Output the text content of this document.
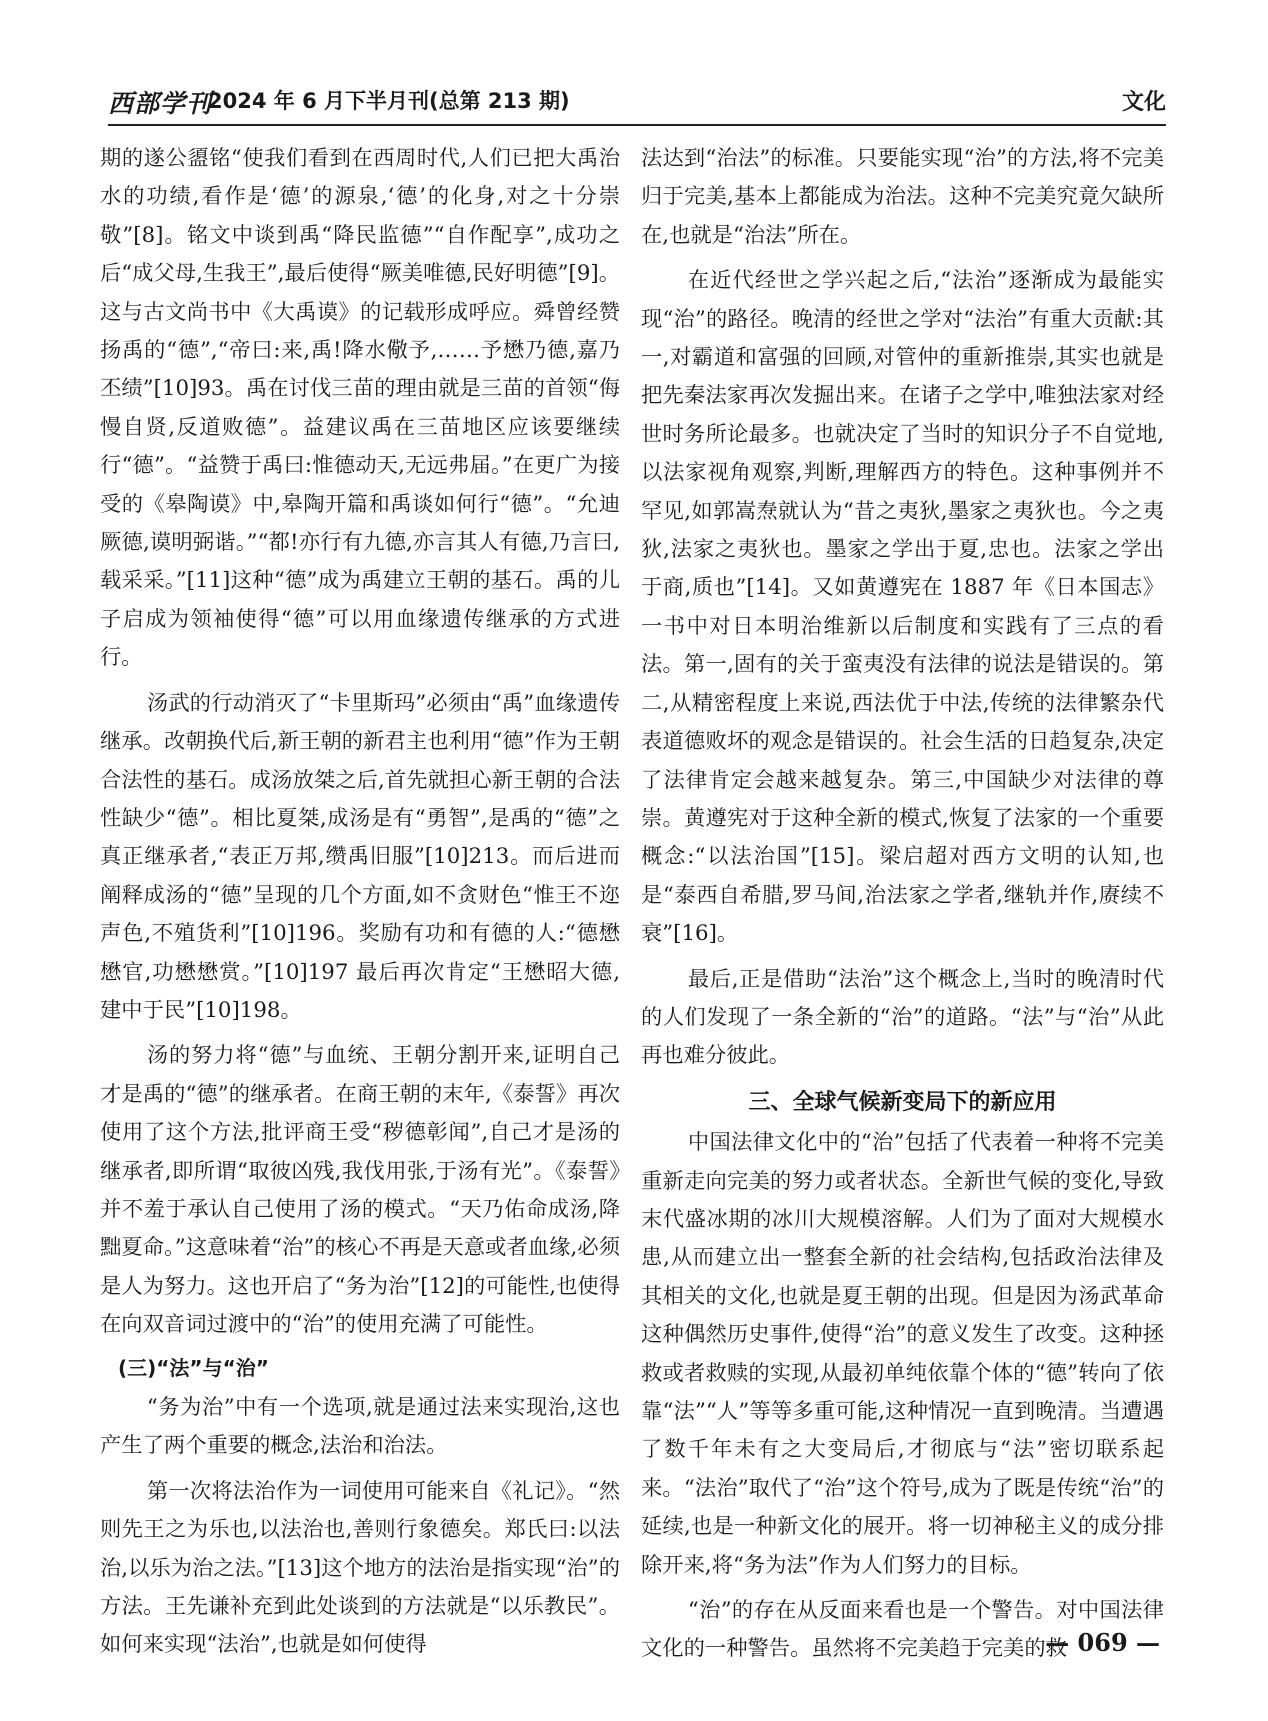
西部学刊
2024 年 6 月下半月刊(总第 213 期)	文化

期的遂公盨铭“使我们看到在西周时代,人们已把大禹治水的功绩,看作是‘德’的源泉,‘德’的化身,对之十分崇敬”[8]。铭文中谈到禹“降民监德”“自作配享”,成功之后“成父母,生我王”,最后使得“厥美唯德,民好明德”[9]。这与古文尚书中《大禹谟》的记载形成呼应。舜曾经赞扬禹的“德”,“帝曰:来,禹!降水儆予,……予懋乃德,嘉乃丕绩”[10]93。禹在讨伐三苗的理由就是三苗的首领“侮慢自贤,反道败德”。益建议禹在三苗地区应该要继续行“德”。“益赞于禹曰:惟德动天,无远弗届。”在更广为接受的《皋陶谟》中,皋陶开篇和禹谈如何行“德”。“允迪厥德,谟明弼谐。”“都!亦行有九德,亦言其人有德,乃言曰,载采采。”[11]这种“德”成为禹建立王朝的基石。禹的儿子启成为领袖使得“德”可以用血缘遗传继承的方式进行。

汤武的行动消灭了“卡里斯玛”必须由“禹”血缘遗传继承。改朝换代后,新王朝的新君主也利用“德”作为王朝合法性的基石。成汤放桀之后,首先就担心新王朝的合法性缺少“德”。相比夏桀,成汤是有“勇智”,是禹的“德”之真正继承者,“表正万邦,缵禹旧服”[10]213。而后进而阐释成汤的“德”呈现的几个方面,如不贪财色“惟王不迩声色,不殖货利”[10]196。奖励有功和有德的人:“德懋懋官,功懋懋赏。”[10]197 最后再次肯定“王懋昭大德,建中于民”[10]198。

汤的努力将“德”与血统、王朝分割开来,证明自己才是禹的“德”的继承者。在商王朝的末年,《泰誓》再次使用了这个方法,批评商王受“秽德彰闻”,自己才是汤的继承者,即所谓“取彼凶残,我伐用张,于汤有光”。《泰誓》并不羞于承认自己使用了汤的模式。“天乃佑命成汤,降黜夏命。”这意味着“治”的核心不再是天意或者血缘,必须是人为努力。这也开启了“务为治”[12]的可能性,也使得在向双音词过渡中的“治”的使用充满了可能性。

(三)“法”与“治”

“务为治”中有一个选项,就是通过法来实现治,这也产生了两个重要的概念,法治和治法。

第一次将法治作为一词使用可能来自《礼记》。“然则先王之为乐也,以法治也,善则行象德矣。郑氏曰:以法治,以乐为治之法。”[13]这个地方的法治是指实现“治”的方法。王先谦补充到此处谈到的方法就是“以乐教民”。如何来实现“法治”,也就是如何使得

法达到“治法”的标准。只要能实现“治”的方法,将不完美归于完美,基本上都能成为治法。这种不完美究竟欠缺所在,也就是“治法”所在。

在近代经世之学兴起之后,“法治”逐渐成为最能实现“治”的路径。晚清的经世之学对“法治”有重大贡献:其一,对霸道和富强的回顾,对管仲的重新推崇,其实也就是把先秦法家再次发掘出来。在诸子之学中,唯独法家对经世时务所论最多。也就决定了当时的知识分子不自觉地,以法家视角观察,判断,理解西方的特色。这种事例并不罕见,如郭嵩焘就认为“昔之夷狄,墨家之夷狄也。今之夷狄,法家之夷狄也。墨家之学出于夏,忠也。法家之学出于商,质也”[14]。又如黄遵宪在 1887 年《日本国志》一书中对日本明治维新以后制度和实践有了三点的看法。第一,固有的关于蛮夷没有法律的说法是错误的。第二,从精密程度上来说,西法优于中法,传统的法律繁杂代表道德败坏的观念是错误的。社会生活的日趋复杂,决定了法律肯定会越来越复杂。第三,中国缺少对法律的尊崇。黄遵宪对于这种全新的模式,恢复了法家的一个重要概念:“以法治国”[15]。梁启超对西方文明的认知,也是“泰西自希腊,罗马间,治法家之学者,继轨并作,赓续不衰”[16]。

最后,正是借助“法治”这个概念上,当时的晚清时代的人们发现了一条全新的“治”的道路。“法”与“治”从此再也难分彼此。

三、全球气候新变局下的新应用

中国法律文化中的“治”包括了代表着一种将不完美重新走向完美的努力或者状态。全新世气候的变化,导致末代盛冰期的冰川大规模溶解。人们为了面对大规模水患,从而建立出一整套全新的社会结构,包括政治法律及其相关的文化,也就是夏王朝的出现。但是因为汤武革命这种偶然历史事件,使得“治”的意义发生了改变。这种拯救或者救赎的实现,从最初单纯依靠个体的“德”转向了依靠“法”“人”等等多重可能,这种情况一直到晚清。当遭遇了数千年未有之大变局后,才彻底与“法”密切联系起来。“法治”取代了“治”这个符号,成为了既是传统“治”的延续,也是一种新文化的展开。将一切神秘主义的成分排除开来,将“务为法”作为人们努力的目标。

“治”的存在从反面来看也是一个警告。对中国法律文化的一种警告。虽然将不完美趋于完美的救

— 069 —
